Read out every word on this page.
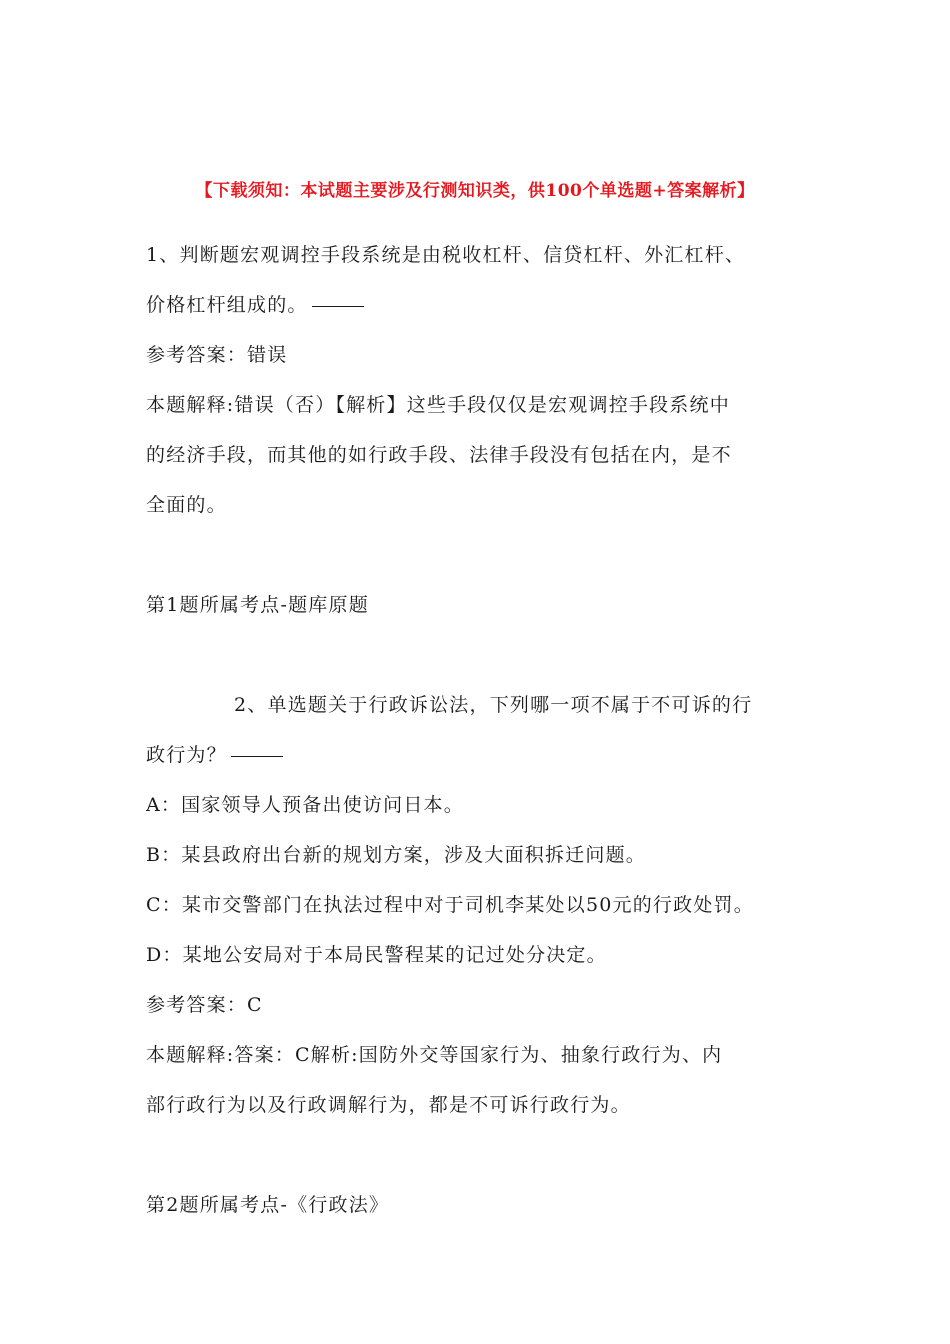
【下载须知：本试题主要涉及行测知识类，供100个单选题+答案解析】
1、判断题宏观调控手段系统是由税收杠杆、信贷杠杆、外汇杠杆、
价格杠杆组成的。
参考答案：错误
本题解释:错误（否）【解析】这些手段仅仅是宏观调控手段系统中
的经济手段，而其他的如行政手段、法律手段没有包括在内，是不
全面的。
第1题所属考点-题库原题
2、单选题关于行政诉讼法，下列哪一项不属于不可诉的行
政行为？
A：国家领导人预备出使访问日本。
B：某县政府出台新的规划方案，涉及大面积拆迁问题。
C：某市交警部门在执法过程中对于司机李某处以50元的行政处罚。
D：某地公安局对于本局民警程某的记过处分决定。
参考答案：C
本题解释:答案：C解析:国防外交等国家行为、抽象行政行为、内
部行政行为以及行政调解行为，都是不可诉行政行为。
第2题所属考点-《行政法》
